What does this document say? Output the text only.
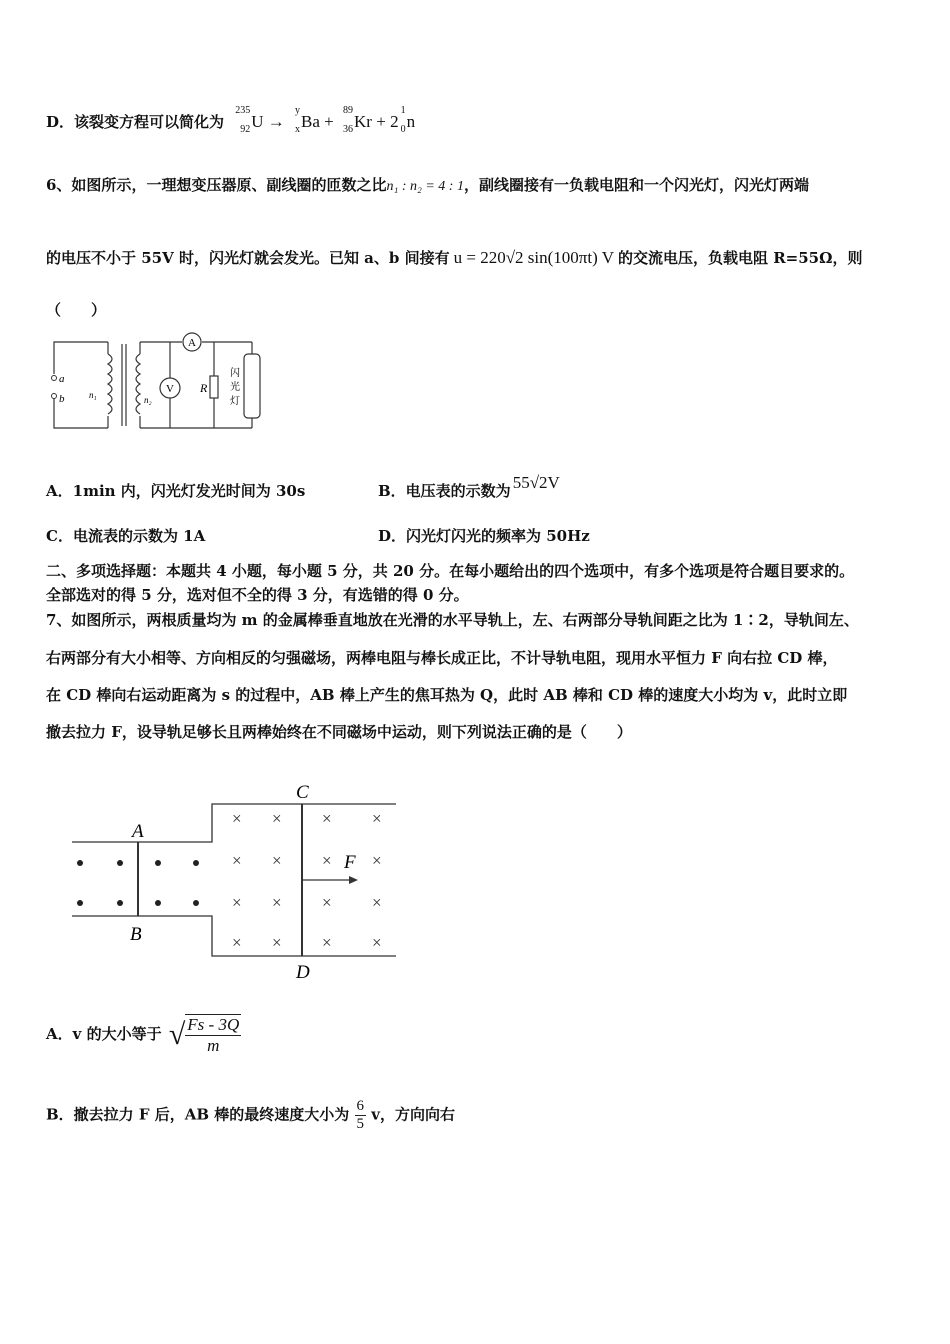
D．该裂变方程可以简化为
235
92 U →
y
x Ba +
89
36 Kr + 2
1
0 n
6、如图所示，一理想变压器原、副线圈的匝数之比n₁ : n₂ = 4 : 1，副线圈接有一负载电阻和一个闪光灯，闪光灯两端
的电压不小于 55V 时，闪光灯就会发光。已知 a、b 间接有 u = 220√2 sin(100πt) V 的交流电压，负载电阻 R=55Ω，则
（　　）
A
V R
a
b	n₁	n₂
闪
光
灯
A．1min 内，闪光灯发光时间为 30s	B．电压表的示数为 55√2V
C．电流表的示数为 1A	D．闪光灯闪光的频率为 50Hz
二、多项选择题：本题共 4 小题，每小题 5 分，共 20 分。在每小题给出的四个选项中，有多个选项是符合题目要求的。
全部选对的得 5 分，选对但不全的得 3 分，有选错的得 0 分。
7、如图所示，两根质量均为 m 的金属棒垂直地放在光滑的水平导轨上，左、右两部分导轨间距之比为 1∶2，导轨间左、
右两部分有大小相等、方向相反的匀强磁场，两棒电阻与棒长成正比，不计导轨电阻，现用水平恒力 F 向右拉 CD 棒，
在 CD 棒向右运动距离为 s 的过程中，AB 棒上产生的焦耳热为 Q，此时 AB 棒和 CD 棒的速度大小均为 v，此时立即
撤去拉力 F，设导轨足够长且两棒始终在不同磁场中运动，则下列说法正确的是（　　）
× × × ×
× × × ×
× × × ×
× × × ×
A
B
C
D
F
A．v 的大小等于 √ $\frac{Fs - 3Q}{m}$
B．撤去拉力 F 后，AB 棒的最终速度大小为 $\frac{6}{5}$ v，方向向右
